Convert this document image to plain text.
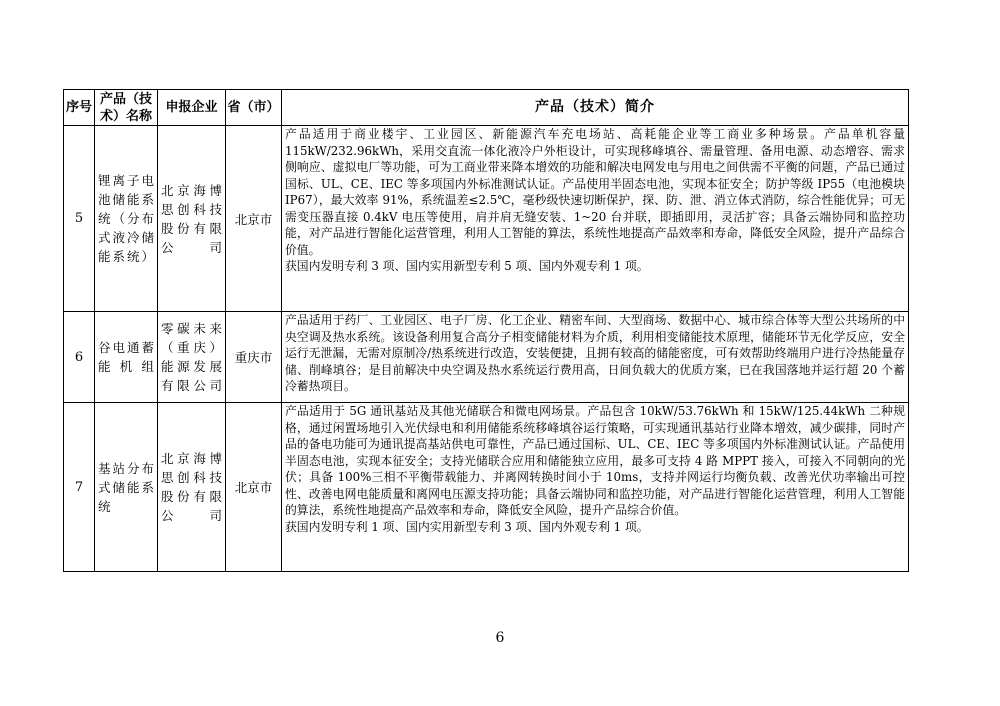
序号	产品（技术）名称	申报企业	省（市）	产品（技术）简介
5	锂离子电池储能系统（分布式液冷储能系统）	北京海博思创科技股份有限公司	北京市	产品适用于商业楼宇、工业园区、新能源汽车充电场站、高耗能企业等工商业多种场景。产品单机容量 115kW/232.96kWh，采用交直流一体化液冷户外柜设计，可实现移峰填谷、需量管理、备用电源、动态增容、需求侧响应、虚拟电厂等功能，可为工商业带来降本增效的功能和解决电网发电与用电之间供需不平衡的问题，产品已通过国标、UL、CE、IEC 等多项国内外标准测试认证。产品使用半固态电池，实现本征安全；防护等级 IP55（电池模块 IP67），最大效率 91%，系统温差≤2.5℃，毫秒级快速切断保护，探、防、泄、消立体式消防，综合性能优异；可无需变压器直接 0.4kV 电压等使用，肩并肩无缝安装、1~20 台并联，即插即用，灵活扩容；具备云端协同和监控功能，对产品进行智能化运营管理，利用人工智能的算法，系统性地提高产品效率和寿命，降低安全风险，提升产品综合价值。

获国内发明专利 3 项、国内实用新型专利 5 项、国内外观专利 1 项。

6	谷电通蓄能机组	零碳未来（重庆）能源发展有限公司	重庆市	产品适用于药厂、工业园区、电子厂房、化工企业、精密车间、大型商场、数据中心、城市综合体等大型公共场所的中央空调及热水系统。该设备利用复合高分子相变储能材料为介质，利用相变储能技术原理，储能环节无化学反应，安全运行无泄漏，无需对原制冷/热系统进行改造，安装便捷，且拥有较高的储能密度，可有效帮助终端用户进行冷热能量存储、削峰填谷；是目前解决中央空调及热水系统运行费用高，日间负载大的优质方案，已在我国落地并运行超 20 个蓄冷蓄热项目。

7	基站分布式储能系统	北京海博思创科技股份有限公司	北京市	产品适用于 5G 通讯基站及其他光储联合和微电网场景。产品包含 10kW/53.76kWh 和 15kW/125.44kWh 二种规格，通过闲置场地引入光伏绿电和利用储能系统移峰填谷运行策略，可实现通讯基站行业降本增效，减少碳排，同时产品的备电功能可为通讯提高基站供电可靠性，产品已通过国标、UL、CE、IEC 等多项国内外标准测试认证。产品使用半固态电池，实现本征安全；支持光储联合应用和储能独立应用，最多可支持 4 路 MPPT 接入，可接入不同朝向的光伏；具备 100%三相不平衡带载能力、并离网转换时间小于 10ms，支持并网运行均衡负载、改善光伏功率输出可控性、改善电网电能质量和离网电压源支持功能；具备云端协同和监控功能，对产品进行智能化运营管理，利用人工智能的算法，系统性地提高产品效率和寿命，降低安全风险，提升产品综合价值。

获国内发明专利 1 项、国内实用新型专利 3 项、国内外观专利 1 项。

6
